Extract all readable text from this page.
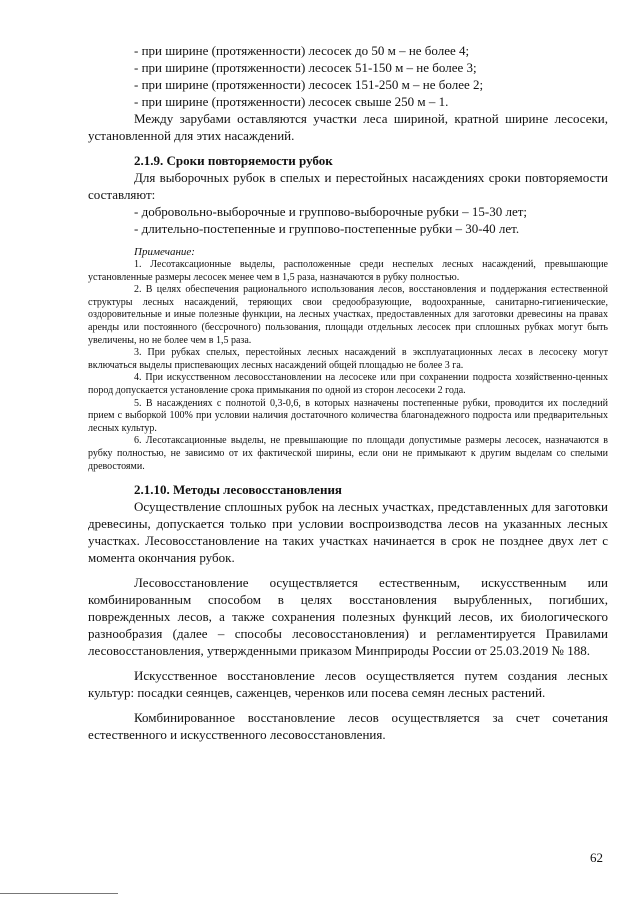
- при ширине (протяженности) лесосек до 50 м – не более 4;

- при ширине (протяженности) лесосек 51-150 м – не более 3;

- при ширине (протяженности) лесосек 151-250 м – не более 2;

- при ширине (протяженности) лесосек свыше 250 м – 1.

Между зарубами оставляются участки леса шириной, кратной ширине лесосеки, установленной для этих насаждений.

2.1.9. Сроки повторяемости рубок

Для выборочных рубок в спелых и перестойных насаждениях сроки повторяемости составляют:

- добровольно-выборочные и группово-выборочные рубки – 15-30 лет;

- длительно-постепенные и группово-постепенные рубки – 30-40 лет.

Примечание:

1. Лесотаксационные выделы, расположенные среди неспелых лесных насаждений, превышающие установленные размеры лесосек менее чем в 1,5 раза, назначаются в рубку полностью.

2. В целях обеспечения рационального использования лесов, восстановления и поддержания естественной структуры лесных насаждений, теряющих свои средообразующие, водоохранные, санитарно-гигиенические, оздоровительные и иные полезные функции, на лесных участках, предоставленных для заготовки древесины на правах аренды или постоянного (бессрочного) пользования, площади отдельных лесосек при сплошных рубках могут быть увеличены, но не более чем в 1,5 раза.

3. При рубках спелых, перестойных лесных насаждений в эксплуатационных лесах в лесосеку могут включаться выделы приспевающих лесных насаждений общей площадью не более 3 га.

4. При искусственном лесовосстановлении на лесосеке или при сохранении подроста хозяйственно-ценных пород допускается установление срока примыкания по одной из сторон лесосеки 2 года.

5. В насаждениях с полнотой 0,3-0,6, в которых назначены постепенные рубки, проводится их последний прием с выборкой 100% при условии наличия достаточного количества благонадежного подроста или предварительных лесных культур.

6. Лесотаксационные выделы, не превышающие по площади допустимые размеры лесосек, назначаются в рубку полностью, не зависимо от их фактической ширины, если они не примыкают к другим выделам со спелыми древостоями.

2.1.10. Методы лесовосстановления

Осуществление сплошных рубок на лесных участках, представленных для заготовки древесины, допускается только при условии воспроизводства лесов на указанных лесных участках. Лесовосстановление на таких участках начинается в срок не позднее двух лет с момента окончания рубок.

Лесовосстановление осуществляется естественным, искусственным или комбинированным способом в целях восстановления вырубленных, погибших, поврежденных лесов, а также сохранения полезных функций лесов, их биологического разнообразия (далее – способы лесовосстановления) и регламентируется Правилами лесовосстановления, утвержденными приказом Минприроды России от 25.03.2019 № 188.

Искусственное восстановление лесов осуществляется путем создания лесных культур: посадки сеянцев, саженцев, черенков или посева семян лесных растений.

Комбинированное восстановление лесов осуществляется за счет сочетания естественного и искусственного лесовосстановления.

62
